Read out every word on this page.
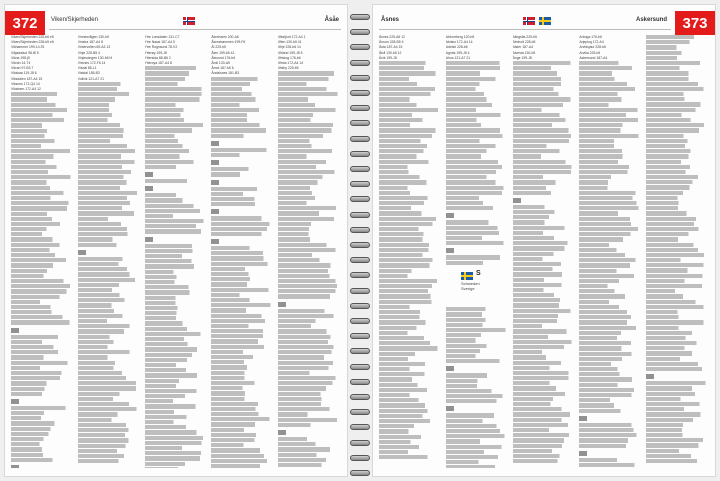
372	Viken/Skjerheden	Åsåe
Viken/Skjerheden 225-b6 e5
Viken/Skjerheden 228-b5 e5
Vikhammer 199-14 25
Vikjadalsoi 98-f8 5
Vikna 198-j5
Vikran 14-T4
Vikran 97-B3 7
Vikskaa 119-J8 6
Viksdalen 187-A4 15
Viksnes 172-Q4 14
Vikstrøm 172-A4 12
Vinnesvågen 130-b5
Vinstra 187-A4 8
Vintervollen 69-A3 13
Vinje 228-B5 4
Vinjesvingen 130-b5 f4
Virsnes 172-F6 14
Visdal 85-L1
Vistdal 185-B3
Vollvik 121-A7 21
Ytre Lonsdalen 131-C7
Ytre Nassi 187-A4 5
Ytre Rognsund 78-V2
Ytterøy 199-J8
Yttersida 88-B6 2
Ytteroya 187-A4 8
Åkrehamn 200-A6
Åkrestrømmen 199-F6
Ål 225-b5
Ålen 199-b6 41
Ålesund 176-b6
Åmli 130-A5
Åmot 187-b5 6
Åndalsnes 181-B3
Øksfjord 172-A4 1
Ølen 130-b5 41
Ørje 228-b6 14
Ørland 199-J8 5
Ørskog 176-b6
Ørsta 172-A4 14
Østby 225-b5
Åsnes	Askersund	373
Åsnes 225-A6 12
Åsrum 228-B5 4
Åsta 187-A4 15
Åtrå 130-b5 12
Åvik 199-J8
Abborrberg 120-b5
Abisko 172-A4 14
Adelsö 228-b6
Agnäs 199-J8 4
Ahus 121-A7 21
Alingsås 225-b5
Älmhult 228-b5
Alster 187-A4
Alvesta 130-b5
Ånge 199-J8
Arboga 176-b6
Arjeplog 172-A4
Arvidsjaur 228-b6
Arvika 225-b5
Askersund 187-A4
S
Schweden
Sverige
